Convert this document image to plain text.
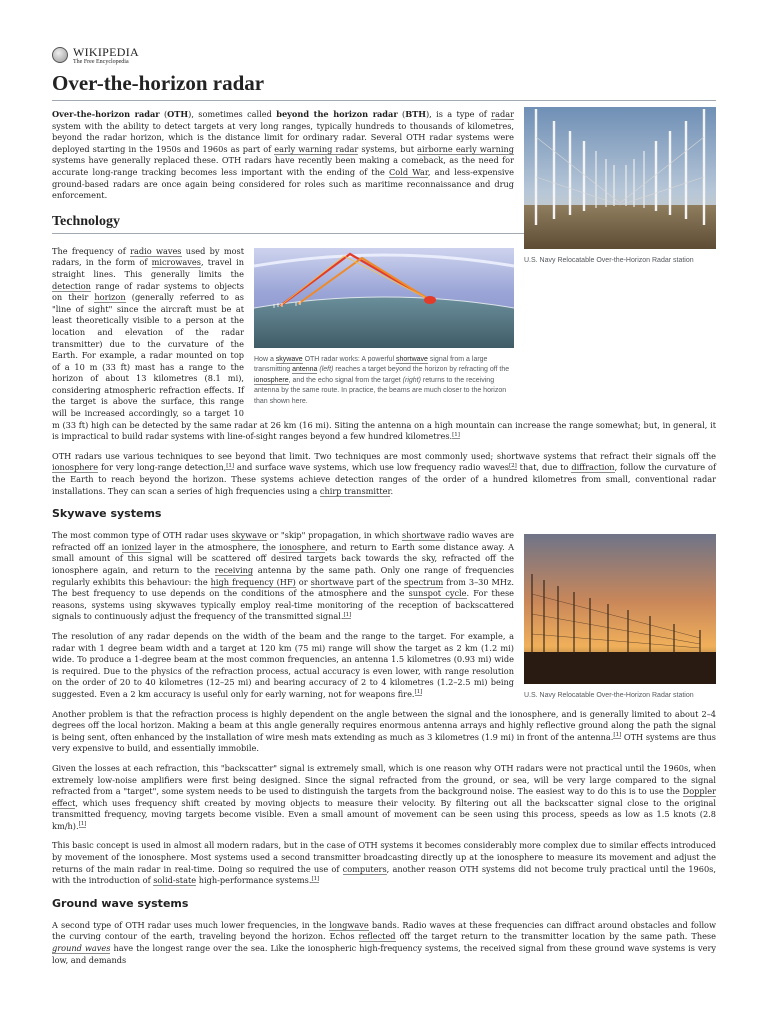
WIKIPEDIA
The Free Encyclopedia
Over-the-horizon radar
U.S. Navy Relocatable Over-the-Horizon Radar station

Over-the-horizon radar (OTH), sometimes called beyond the horizon radar (BTH), is a type of radar system with the ability to detect targets at very long ranges, typically hundreds to thousands of kilometres, beyond the radar horizon, which is the distance limit for ordinary radar. Several OTH radar systems were deployed starting in the 1950s and 1960s as part of early warning radar systems, but airborne early warning systems have generally replaced these. OTH radars have recently been making a comeback, as the need for accurate long-range tracking becomes less important with the ending of the Cold War, and less-expensive ground-based radars are once again being considered for roles such as maritime reconnaissance and drug enforcement.

Technology
How a skywave OTH radar works: A powerful shortwave signal from a large transmitting antenna (left) reaches a target beyond the horizon by refracting off the ionosphere, and the echo signal from the target (right) returns to the receiving antenna by the same route. In practice, the beams are much closer to the horizon than shown here.

The frequency of radio waves used by most radars, in the form of microwaves, travel in straight lines. This generally limits the detection range of radar systems to objects on their horizon (generally referred to as "line of sight" since the aircraft must be at least theoretically visible to a person at the location and elevation of the radar transmitter) due to the curvature of the Earth. For example, a radar mounted on top of a 10 m (33 ft) mast has a range to the horizon of about 13 kilometres (8.1 mi), considering atmospheric refraction effects. If the target is above the surface, this range will be increased accordingly, so a target 10 m (33 ft) high can be detected by the same radar at 26 km (16 mi). Siting the antenna on a high mountain can increase the range somewhat; but, in general, it is impractical to build radar systems with line-of-sight ranges beyond a few hundred kilometres.[1]

OTH radars use various techniques to see beyond that limit. Two techniques are most commonly used; shortwave systems that refract their signals off the ionosphere for very long-range detection,[1] and surface wave systems, which use low frequency radio waves[2] that, due to diffraction, follow the curvature of the Earth to reach beyond the horizon. These systems achieve detection ranges of the order of a hundred kilometres from small, conventional radar installations. They can scan a series of high frequencies using a chirp transmitter.

Skywave systems
U.S. Navy Relocatable Over-the-Horizon Radar station

The most common type of OTH radar uses skywave or "skip" propagation, in which shortwave radio waves are refracted off an ionized layer in the atmosphere, the ionosphere, and return to Earth some distance away. A small amount of this signal will be scattered off desired targets back towards the sky, refracted off the ionosphere again, and return to the receiving antenna by the same path. Only one range of frequencies regularly exhibits this behaviour: the high frequency (HF) or shortwave part of the spectrum from 3–30 MHz. The best frequency to use depends on the conditions of the atmosphere and the sunspot cycle. For these reasons, systems using skywaves typically employ real-time monitoring of the reception of backscattered signals to continuously adjust the frequency of the transmitted signal.[1]

The resolution of any radar depends on the width of the beam and the range to the target. For example, a radar with 1 degree beam width and a target at 120 km (75 mi) range will show the target as 2 km (1.2 mi) wide. To produce a 1-degree beam at the most common frequencies, an antenna 1.5 kilometres (0.93 mi) wide is required. Due to the physics of the refraction process, actual accuracy is even lower, with range resolution on the order of 20 to 40 kilometres (12–25 mi) and bearing accuracy of 2 to 4 kilometres (1.2–2.5 mi) being suggested. Even a 2 km accuracy is useful only for early warning, not for weapons fire.[1]

Another problem is that the refraction process is highly dependent on the angle between the signal and the ionosphere, and is generally limited to about 2–4 degrees off the local horizon. Making a beam at this angle generally requires enormous antenna arrays and highly reflective ground along the path the signal is being sent, often enhanced by the installation of wire mesh mats extending as much as 3 kilometres (1.9 mi) in front of the antenna.[1] OTH systems are thus very expensive to build, and essentially immobile.

Given the losses at each refraction, this "backscatter" signal is extremely small, which is one reason why OTH radars were not practical until the 1960s, when extremely low-noise amplifiers were first being designed. Since the signal refracted from the ground, or sea, will be very large compared to the signal refracted from a "target", some system needs to be used to distinguish the targets from the background noise. The easiest way to do this is to use the Doppler effect, which uses frequency shift created by moving objects to measure their velocity. By filtering out all the backscatter signal close to the original transmitted frequency, moving targets become visible. Even a small amount of movement can be seen using this process, speeds as low as 1.5 knots (2.8 km/h).[1]

This basic concept is used in almost all modern radars, but in the case of OTH systems it becomes considerably more complex due to similar effects introduced by movement of the ionosphere. Most systems used a second transmitter broadcasting directly up at the ionosphere to measure its movement and adjust the returns of the main radar in real-time. Doing so required the use of computers, another reason OTH systems did not become truly practical until the 1960s, with the introduction of solid-state high-performance systems.[1]

Ground wave systems

A second type of OTH radar uses much lower frequencies, in the longwave bands. Radio waves at these frequencies can diffract around obstacles and follow the curving contour of the earth, traveling beyond the horizon. Echos reflected off the target return to the transmitter location by the same path. These ground waves have the longest range over the sea. Like the ionospheric high-frequency systems, the received signal from these ground wave systems is very low, and demands
